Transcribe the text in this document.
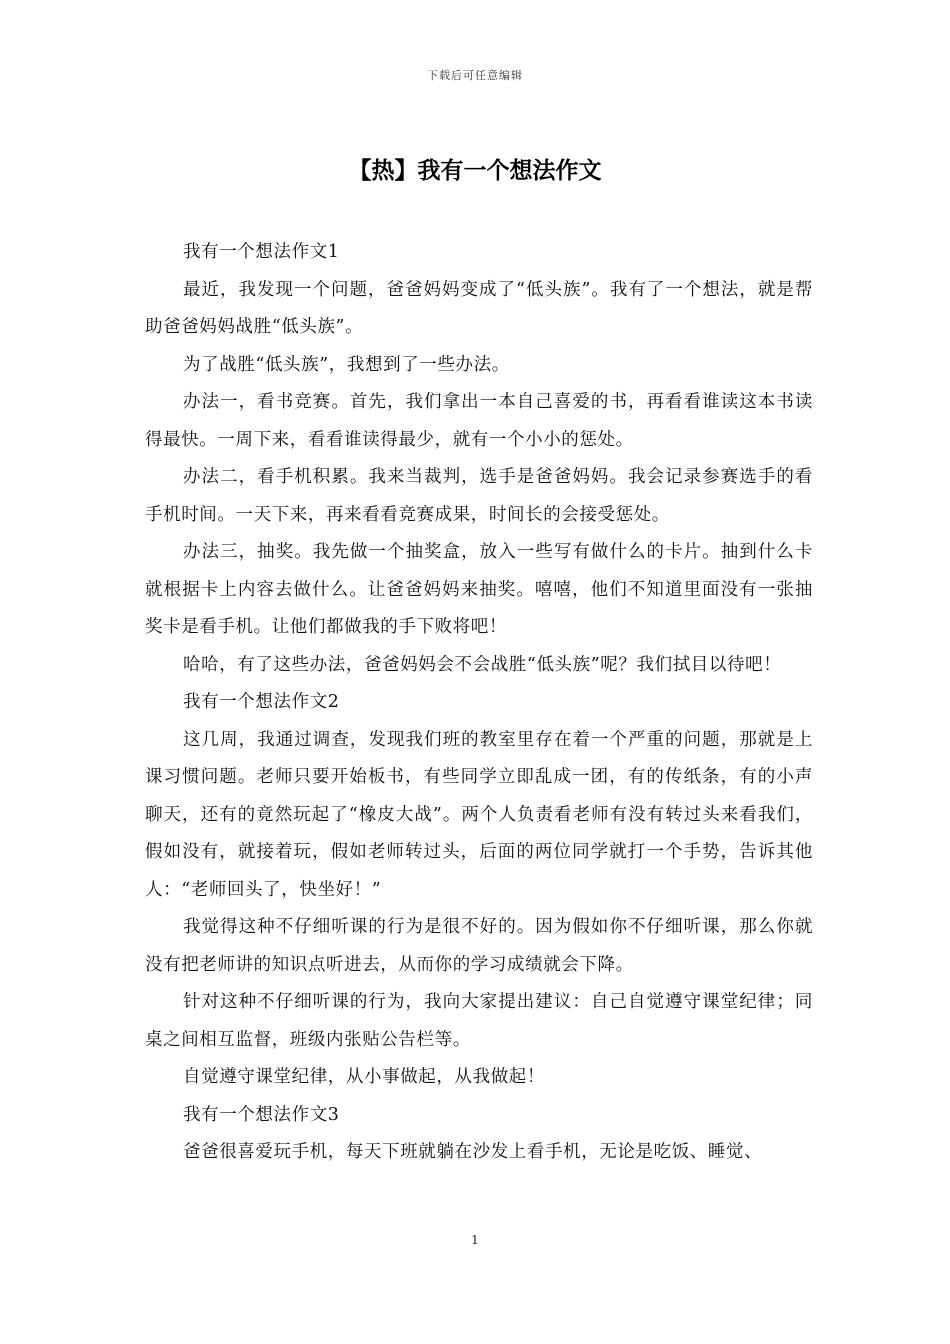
下载后可任意编辑
【热】我有一个想法作文

我有一个想法作文1

最近，我发现一个问题，爸爸妈妈变成了“低头族”。我有了一个想法，就是帮助爸爸妈妈战胜“低头族”。

为了战胜“低头族”，我想到了一些办法。

办法一，看书竞赛。首先，我们拿出一本自己喜爱的书，再看看谁读这本书读得最快。一周下来，看看谁读得最少，就有一个小小的惩处。

办法二，看手机积累。我来当裁判，选手是爸爸妈妈。我会记录参赛选手的看手机时间。一天下来，再来看看竞赛成果，时间长的会接受惩处。

办法三，抽奖。我先做一个抽奖盒，放入一些写有做什么的卡片。抽到什么卡就根据卡上内容去做什么。让爸爸妈妈来抽奖。嘻嘻，他们不知道里面没有一张抽奖卡是看手机。让他们都做我的手下败将吧！

哈哈，有了这些办法，爸爸妈妈会不会战胜“低头族”呢？我们拭目以待吧！

我有一个想法作文2

这几周，我通过调查，发现我们班的教室里存在着一个严重的问题，那就是上课习惯问题。老师只要开始板书，有些同学立即乱成一团，有的传纸条，有的小声聊天，还有的竟然玩起了“橡皮大战”。两个人负责看老师有没有转过头来看我们，假如没有，就接着玩，假如老师转过头，后面的两位同学就打一个手势，告诉其他人：“老师回头了，快坐好！”

我觉得这种不仔细听课的行为是很不好的。因为假如你不仔细听课，那么你就没有把老师讲的知识点听进去，从而你的学习成绩就会下降。

针对这种不仔细听课的行为，我向大家提出建议：自己自觉遵守课堂纪律；同桌之间相互监督，班级内张贴公告栏等。

自觉遵守课堂纪律，从小事做起，从我做起！

我有一个想法作文3

爸爸很喜爱玩手机，每天下班就躺在沙发上看手机，无论是吃饭、睡觉、

1
